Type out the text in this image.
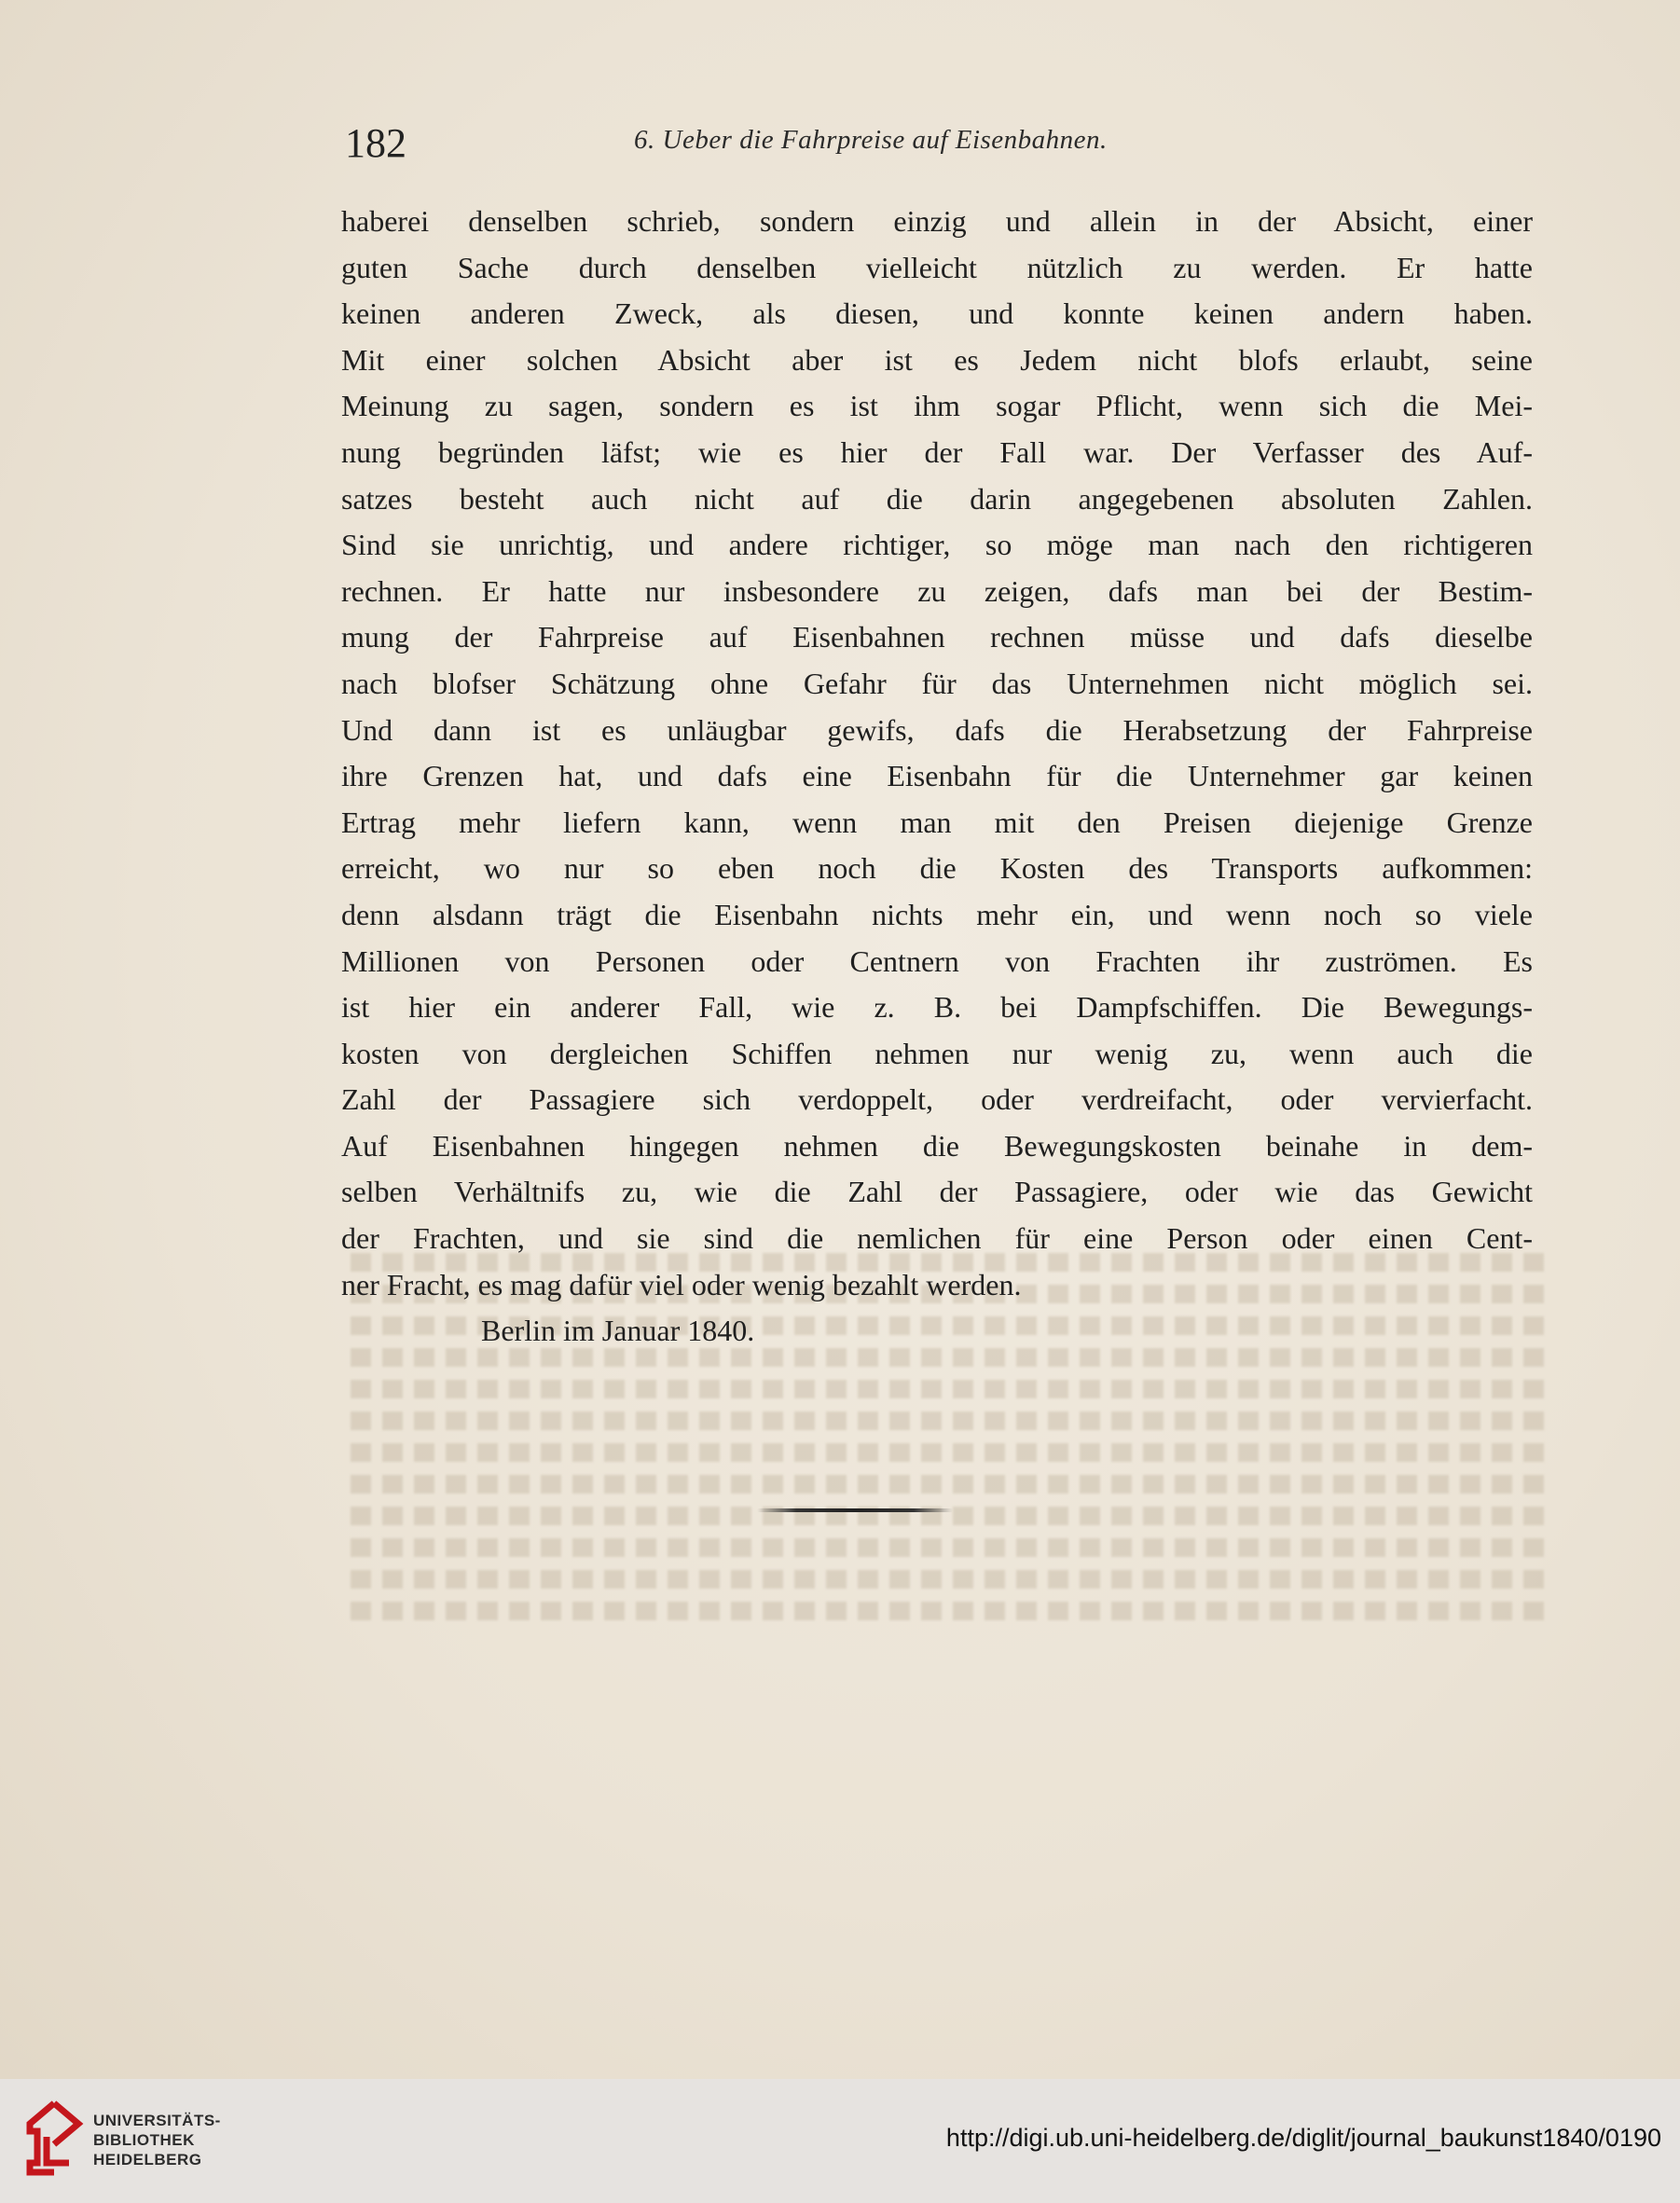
182	6. Ueber die Fahrpreise auf Eisenbahnen.
haberei denselben schrieb, sondern einzig und allein in der Absicht, einer
guten Sache durch denselben vielleicht nützlich zu werden. Er hatte
keinen anderen Zweck, als diesen, und konnte keinen andern haben.
Mit einer solchen Absicht aber ist es Jedem nicht blofs erlaubt, seine
Meinung zu sagen, sondern es ist ihm sogar Pflicht, wenn sich die Mei-
nung begründen läfst; wie es hier der Fall war. Der Verfasser des Auf-
satzes besteht auch nicht auf die darin angegebenen absoluten Zahlen.
Sind sie unrichtig, und andere richtiger, so möge man nach den richtigeren
rechnen. Er hatte nur insbesondere zu zeigen, dafs man bei der Bestim-
mung der Fahrpreise auf Eisenbahnen rechnen müsse und dafs dieselbe
nach blofser Schätzung ohne Gefahr für das Unternehmen nicht möglich sei.
Und dann ist es unläugbar gewifs, dafs die Herabsetzung der Fahrpreise
ihre Grenzen hat, und dafs eine Eisenbahn für die Unternehmer gar keinen
Ertrag mehr liefern kann, wenn man mit den Preisen diejenige Grenze
erreicht, wo nur so eben noch die Kosten des Transports aufkommen:
denn alsdann trägt die Eisenbahn nichts mehr ein, und wenn noch so viele
Millionen von Personen oder Centnern von Frachten ihr zuströmen. Es
ist hier ein anderer Fall, wie z. B. bei Dampfschiffen. Die Bewegungs-
kosten von dergleichen Schiffen nehmen nur wenig zu, wenn auch die
Zahl der Passagiere sich verdoppelt, oder verdreifacht, oder vervierfacht.
Auf Eisenbahnen hingegen nehmen die Bewegungskosten beinahe in dem-
selben Verhältnifs zu, wie die Zahl der Passagiere, oder wie das Gewicht
der Frachten, und sie sind die nemlichen für eine Person oder einen Cent-
ner Fracht, es mag dafür viel oder wenig bezahlt werden.
Berlin im Januar 1840.
UNIVERSITÄTS-
BIBLIOTHEK
HEIDELBERG
http://digi.ub.uni-heidelberg.de/diglit/journal_baukunst1840/0190
